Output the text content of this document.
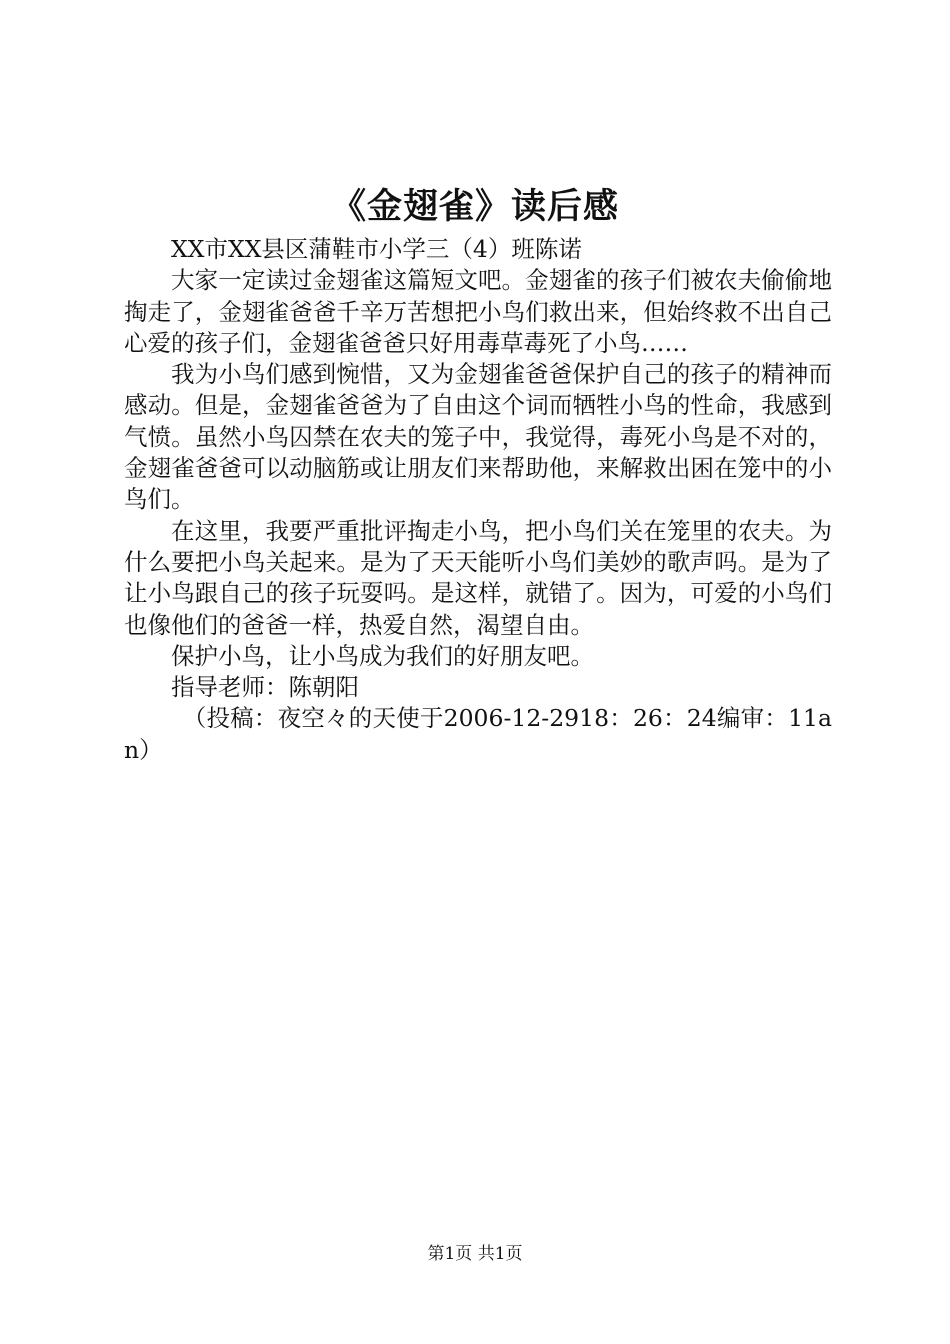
《金翅雀》读后感

XX市XX县区蒲鞋市小学三（4）班陈诺

大家一定读过金翅雀这篇短文吧。金翅雀的孩子们被农夫偷偷地掏走了，金翅雀爸爸千辛万苦想把小鸟们救出来，但始终救不出自己心爱的孩子们，金翅雀爸爸只好用毒草毒死了小鸟……

我为小鸟们感到惋惜，又为金翅雀爸爸保护自己的孩子的精神而感动。但是，金翅雀爸爸为了自由这个词而牺牲小鸟的性命，我感到气愤。虽然小鸟囚禁在农夫的笼子中，我觉得，毒死小鸟是不对的，金翅雀爸爸可以动脑筋或让朋友们来帮助他，来解救出困在笼中的小鸟们。

在这里，我要严重批评掏走小鸟，把小鸟们关在笼里的农夫。为什么要把小鸟关起来。是为了天天能听小鸟们美妙的歌声吗。是为了让小鸟跟自己的孩子玩耍吗。是这样，就错了。因为，可爱的小鸟们也像他们的爸爸一样，热爱自然，渴望自由。

保护小鸟，让小鸟成为我们的好朋友吧。

指导老师：陈朝阳

（投稿：夜空々的天使于2006-12-2918：26：24编审：11an）

第1页 共1页
